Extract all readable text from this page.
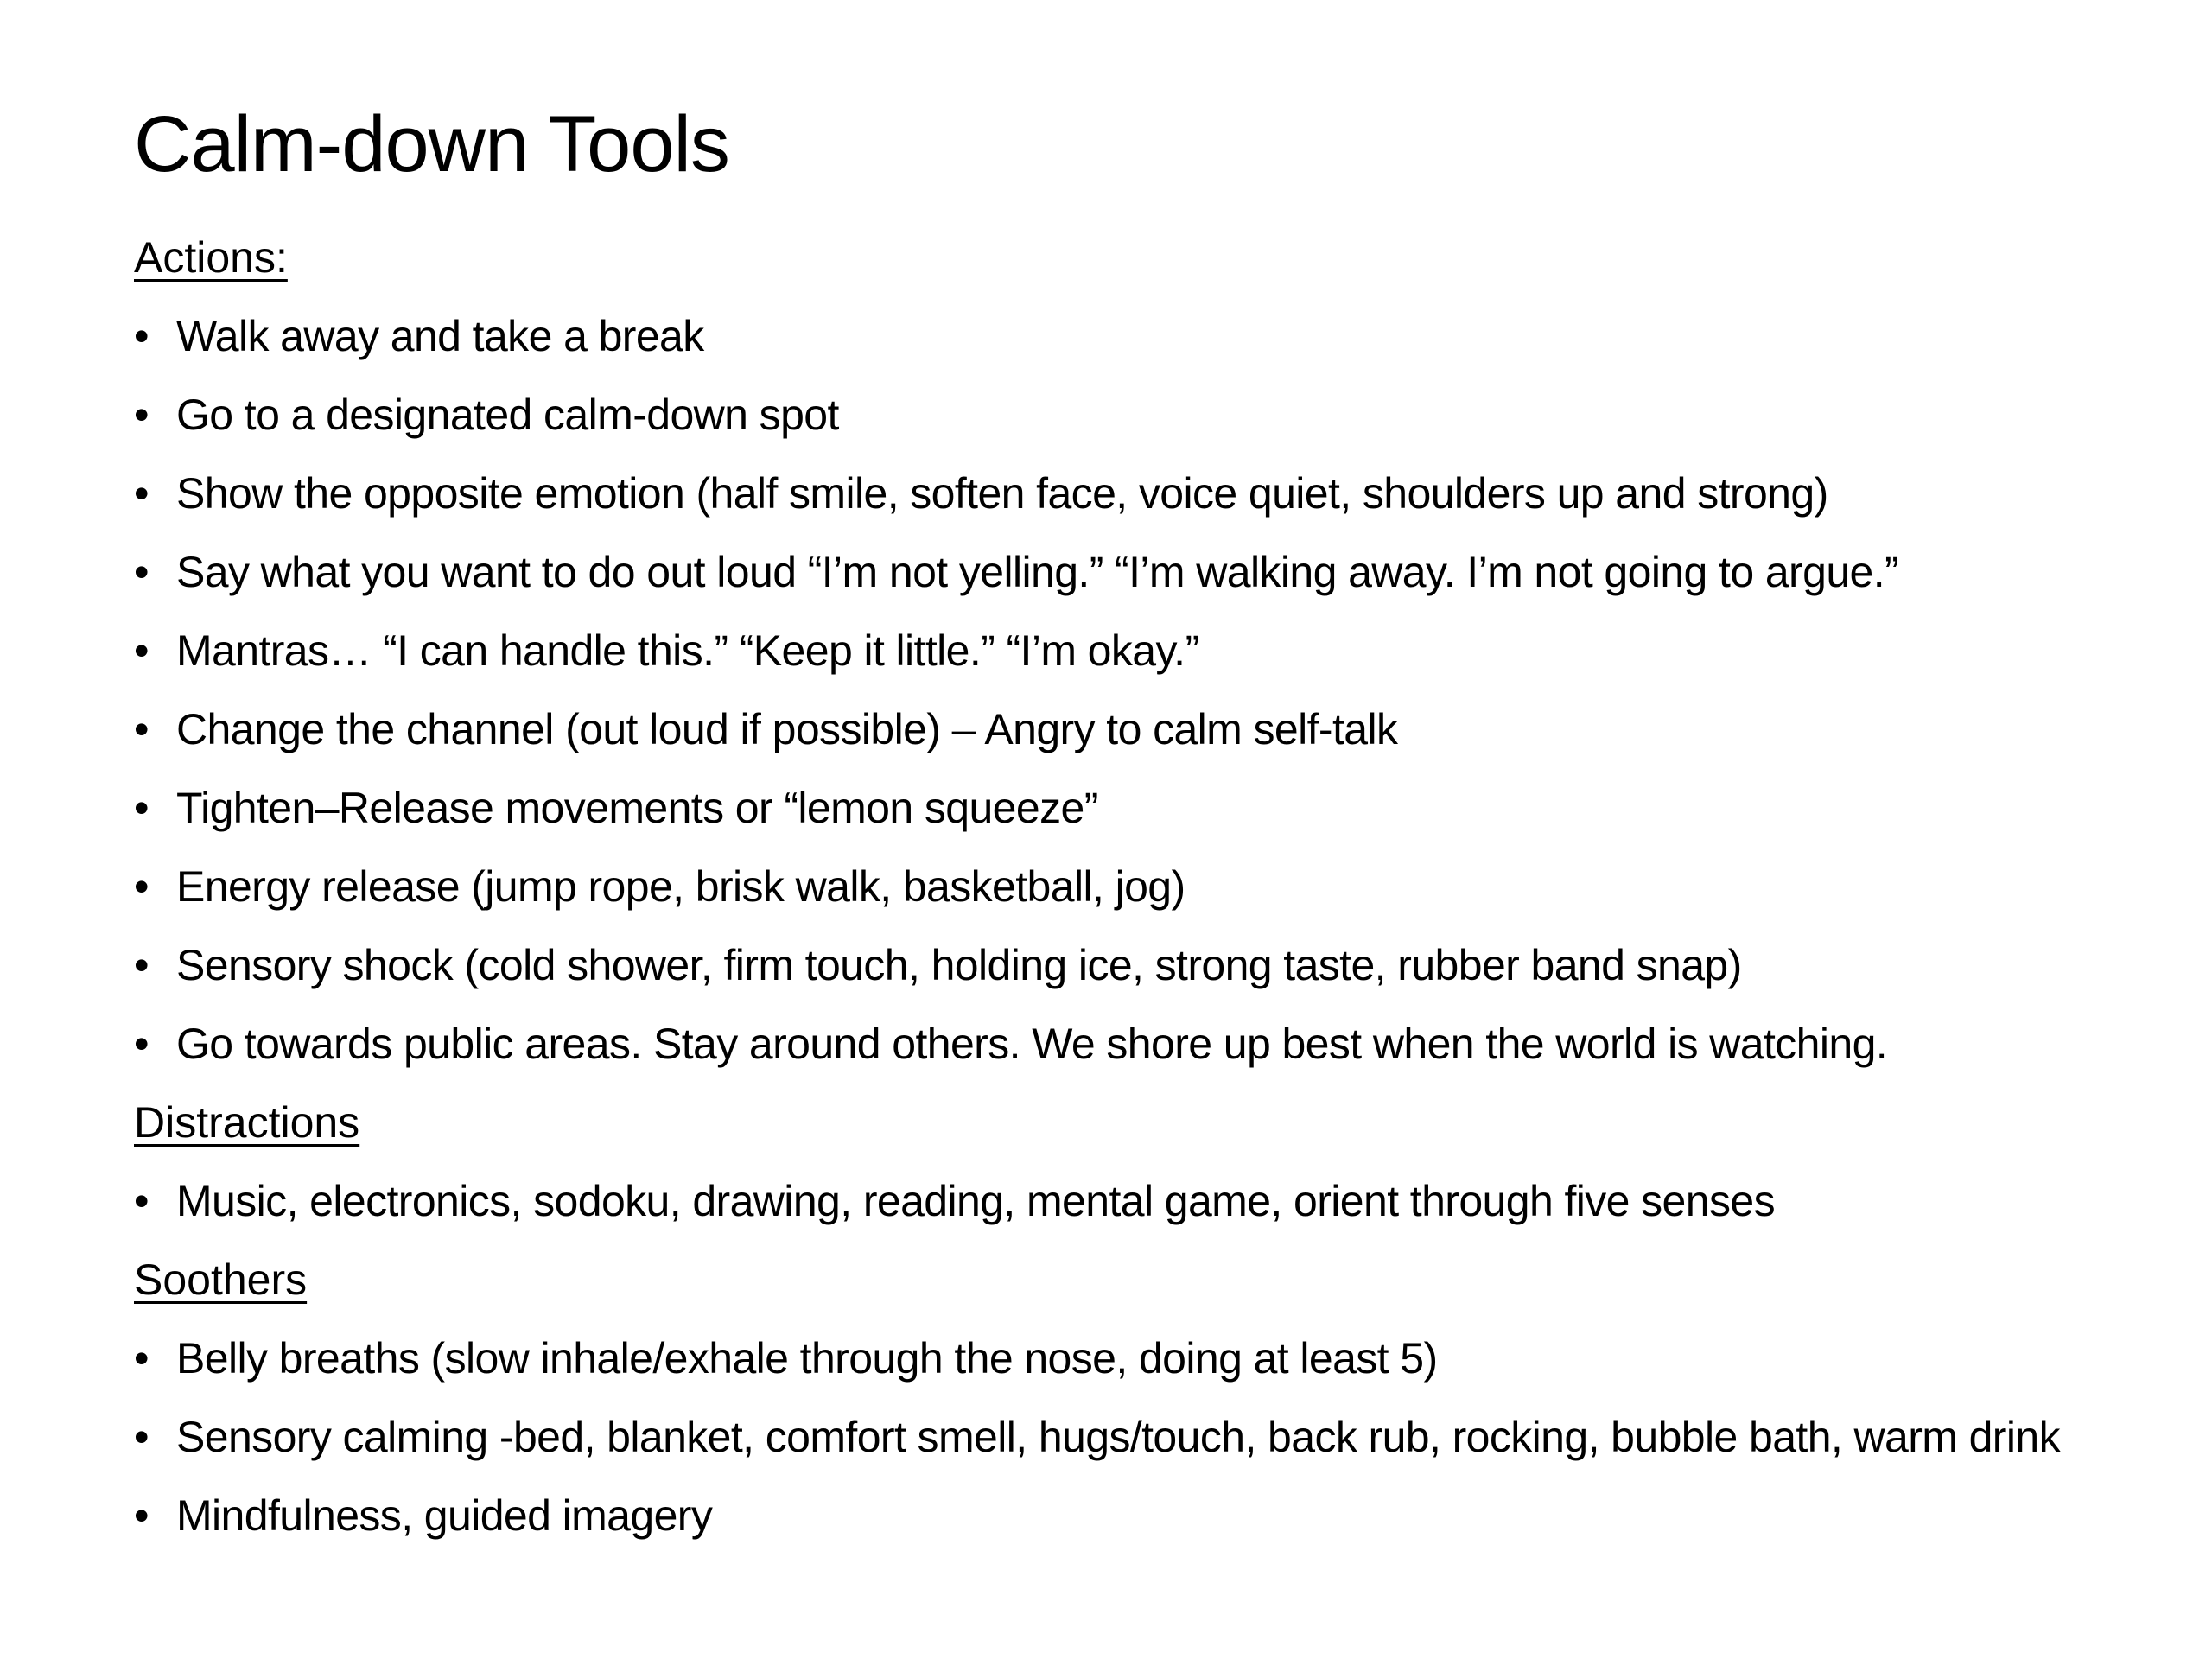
Calm-down Tools

Actions:

• Walk away and take a break
• Go to a designated calm-down spot
• Show the opposite emotion (half smile, soften face, voice quiet, shoulders up and strong)
• Say what you want to do out loud “I’m not yelling.” “I’m walking away. I’m not going to argue.”
• Mantras… “I can handle this.” “Keep it little.” “I’m okay.”
• Change the channel (out loud if possible) – Angry to calm self-talk
• Tighten–Release movements or “lemon squeeze”
• Energy release (jump rope, brisk walk, basketball, jog)
• Sensory shock (cold shower, firm touch, holding ice, strong taste, rubber band snap)
• Go towards public areas. Stay around others. We shore up best when the world is watching.

Distractions

• Music, electronics, sodoku, drawing, reading, mental game, orient through five senses

Soothers

• Belly breaths (slow inhale/exhale through the nose, doing at least 5)
• Sensory calming -bed, blanket, comfort smell, hugs/touch, back rub, rocking, bubble bath, warm drink
• Mindfulness, guided imagery
